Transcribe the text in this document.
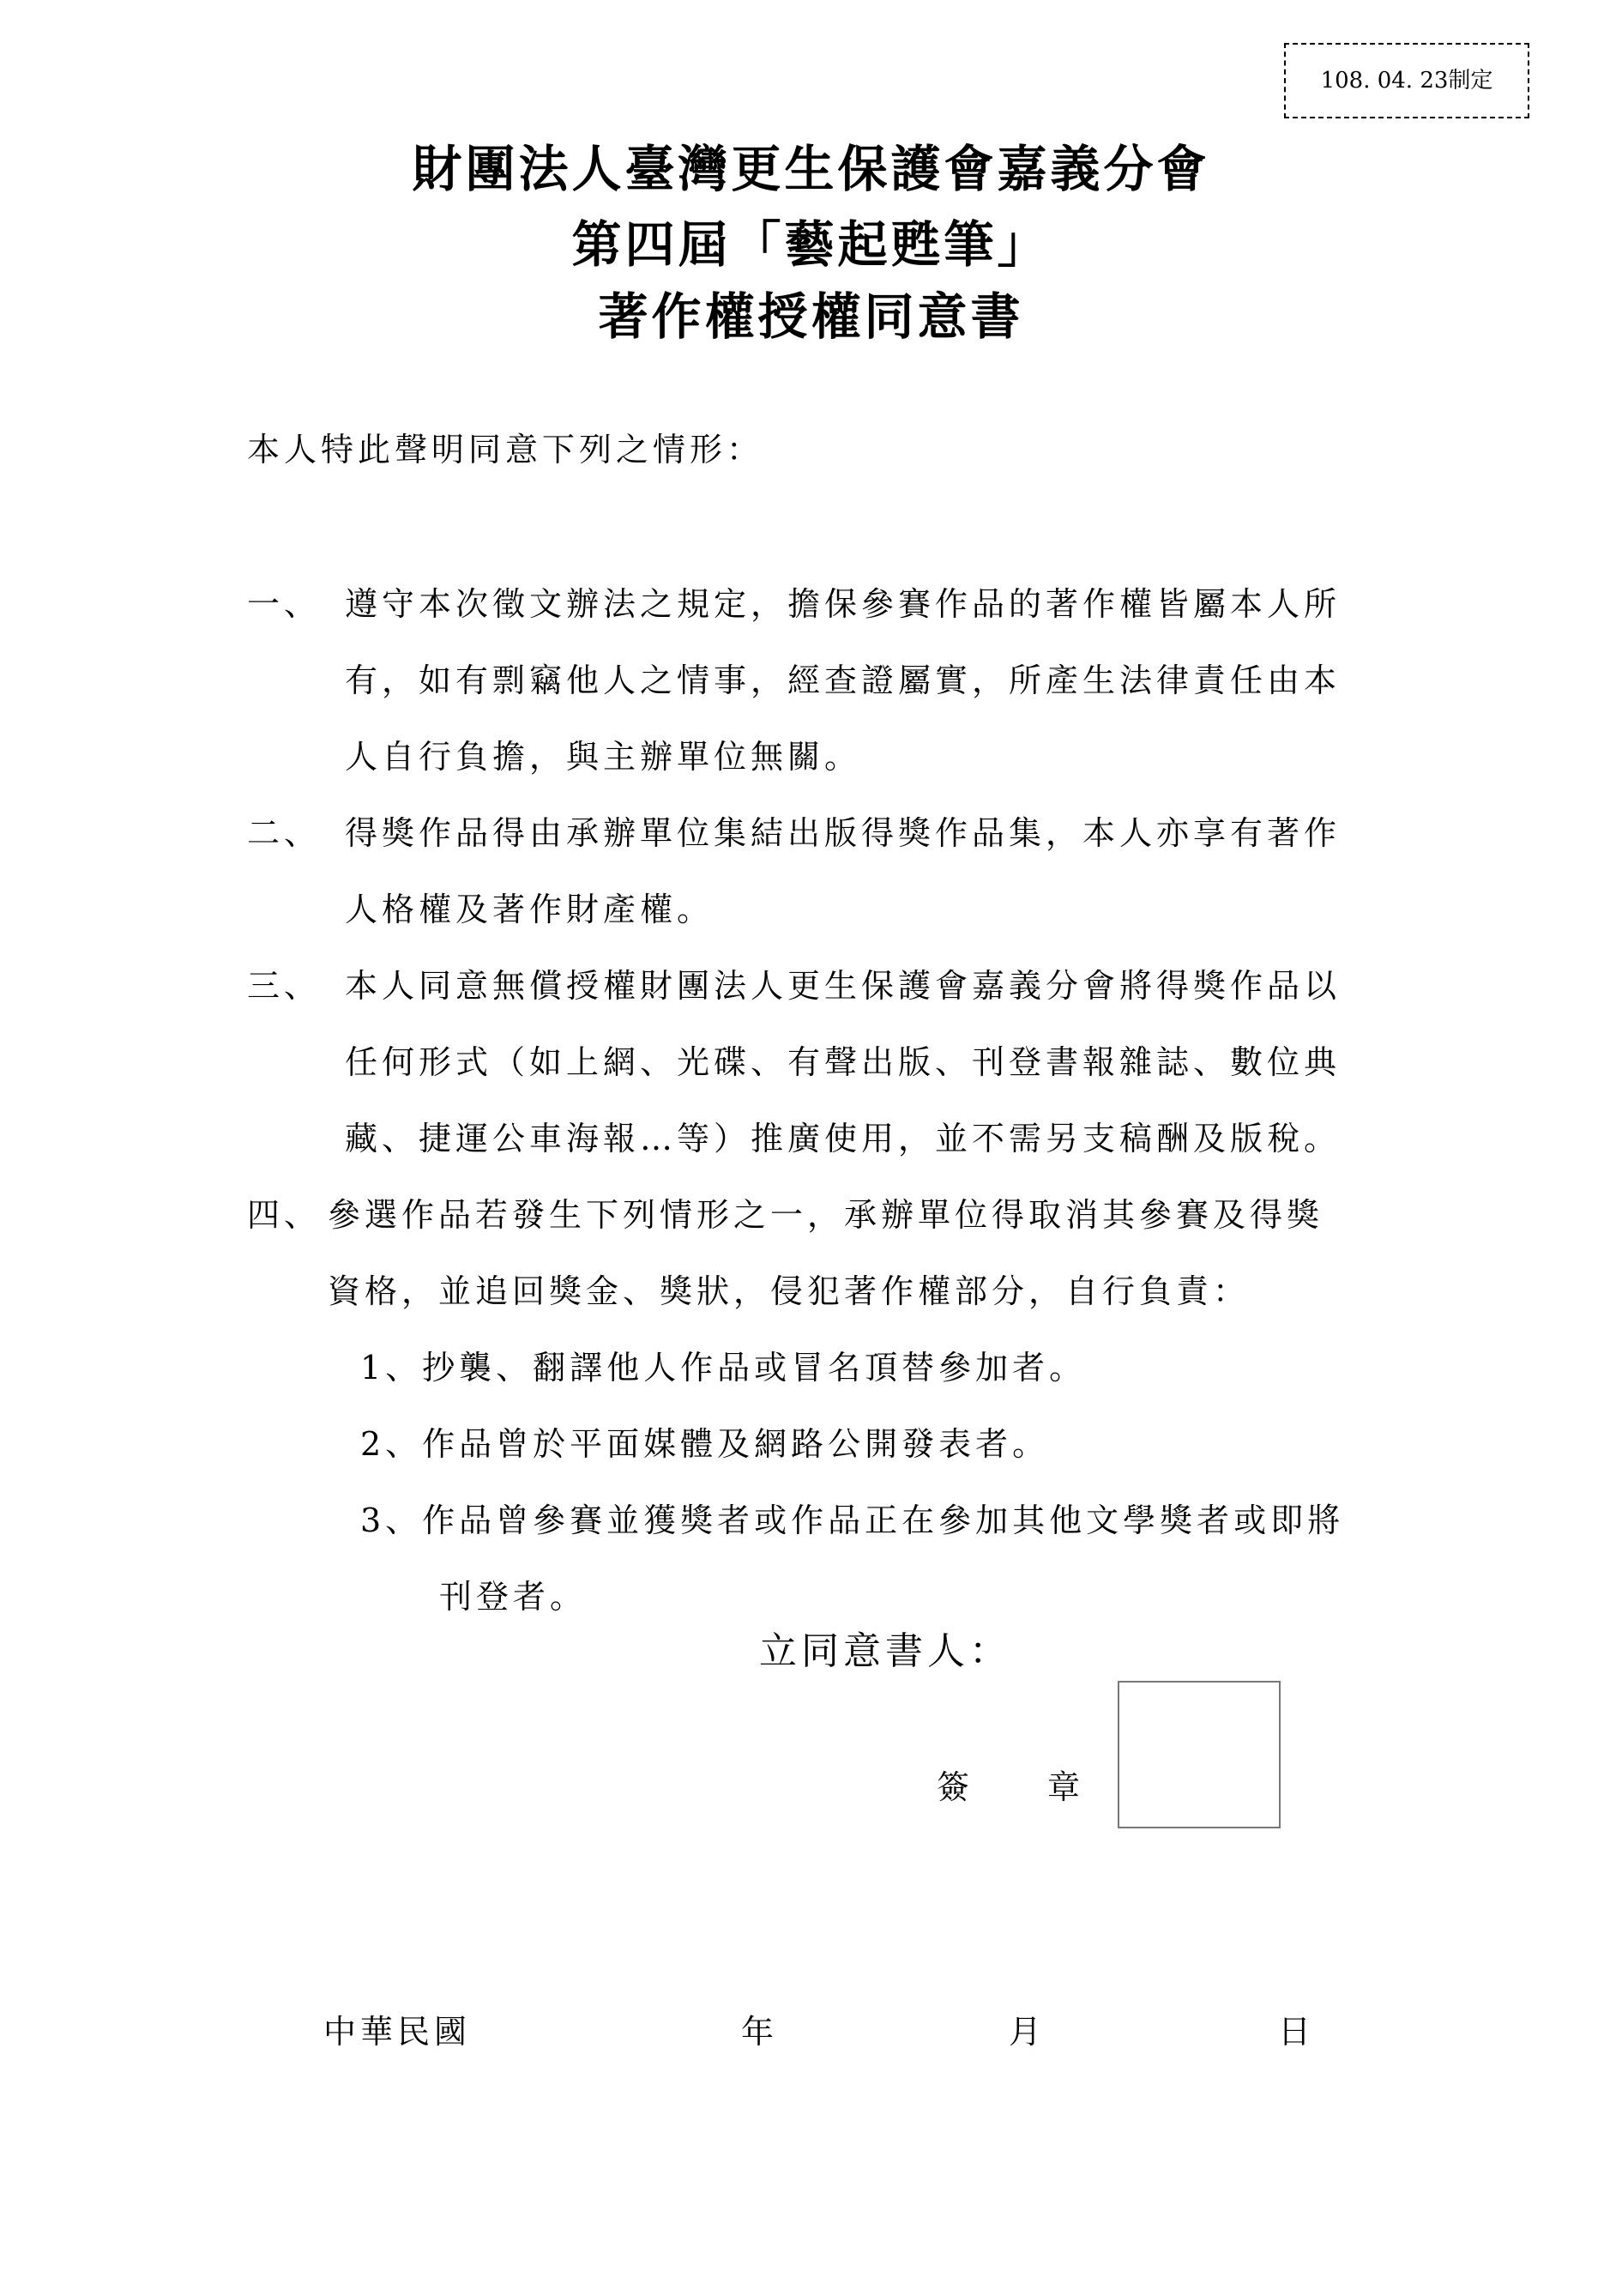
108. 04. 23制定
財團法人臺灣更生保護會嘉義分會
第四屆「藝起甦筆」
著作權授權同意書
本人特此聲明同意下列之情形：
一、 遵守本次徵文辦法之規定，擔保參賽作品的著作權皆屬本人所
有，如有剽竊他人之情事，經查證屬實，所產生法律責任由本
人自行負擔，與主辦單位無關。
二、 得獎作品得由承辦單位集結出版得獎作品集，本人亦享有著作
人格權及著作財產權。
三、 本人同意無償授權財團法人更生保護會嘉義分會將得獎作品以
任何形式（如上網、光碟、有聲出版、刊登書報雜誌、數位典
藏、捷運公車海報…等）推廣使用，並不需另支稿酬及版稅。
四、 參選作品若發生下列情形之一，承辦單位得取消其參賽及得獎
資格，並追回獎金、獎狀，侵犯著作權部分，自行負責：
1、抄襲、翻譯他人作品或冒名頂替參加者。
2、作品曾於平面媒體及網路公開發表者。
3、作品曾參賽並獲獎者或作品正在參加其他文學獎者或即將
刊登者。
立同意書人：
簽　　章
中華民國	年	月	日
